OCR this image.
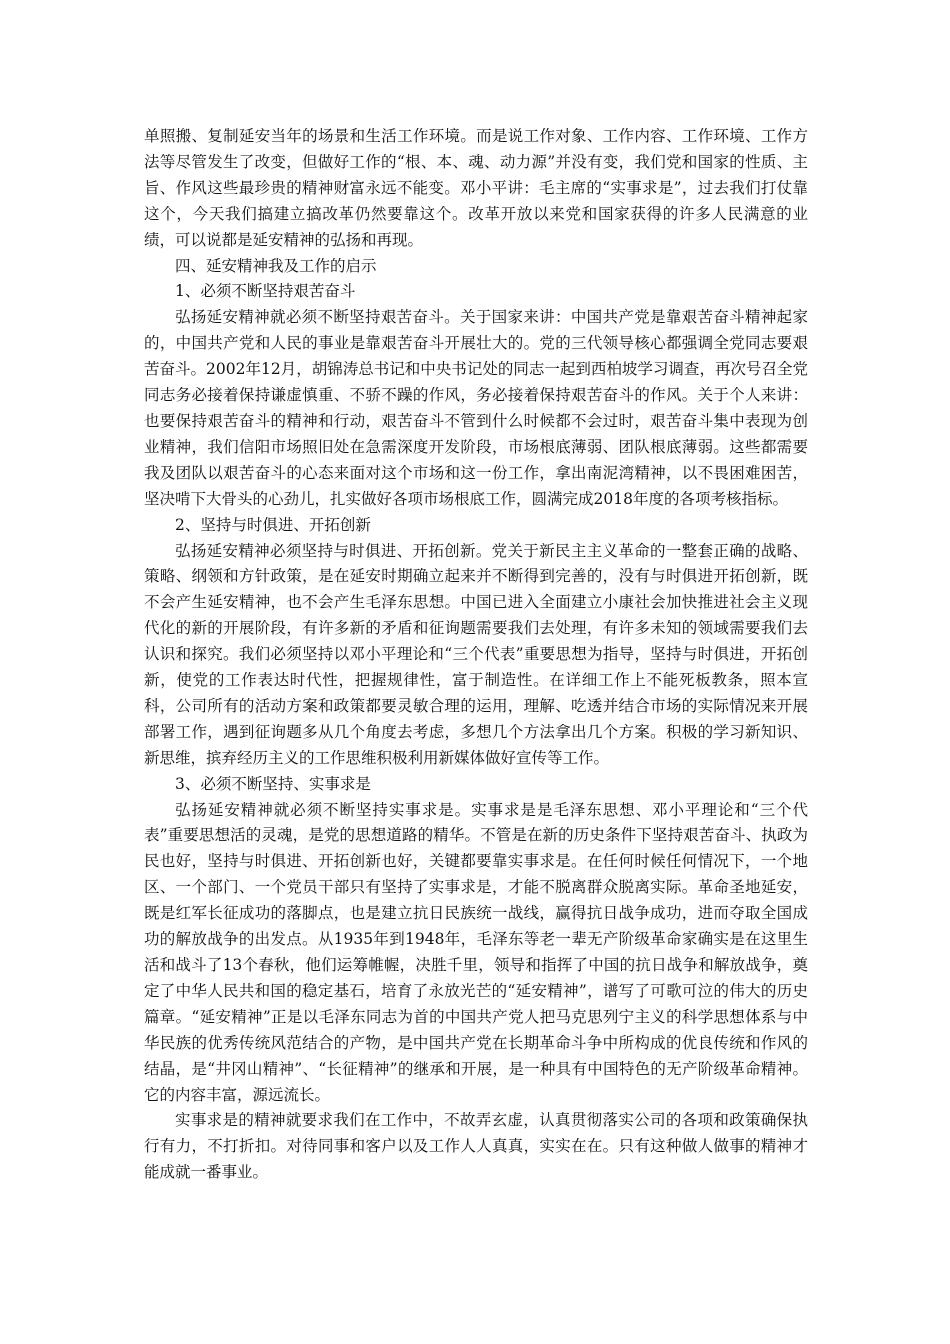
单照搬、复制延安当年的场景和生活工作环境。而是说工作对象、工作内容、工作环境、工作方法等尽管发生了改变，但做好工作的“根、本、魂、动力源”并没有变，我们党和国家的性质、主旨、作风这些最珍贵的精神财富永远不能变。邓小平讲：毛主席的“实事求是”，过去我们打仗靠这个，今天我们搞建立搞改革仍然要靠这个。改革开放以来党和国家获得的许多人民满意的业绩，可以说都是延安精神的弘扬和再现。

四、延安精神我及工作的启示

1、必须不断坚持艰苦奋斗

弘扬延安精神就必须不断坚持艰苦奋斗。关于国家来讲：中国共产党是靠艰苦奋斗精神起家的，中国共产党和人民的事业是靠艰苦奋斗开展壮大的。党的三代领导核心都强调全党同志要艰苦奋斗。2002年12月，胡锦涛总书记和中央书记处的同志一起到西柏坡学习调查，再次号召全党同志务必接着保持谦虚慎重、不骄不躁的作风，务必接着保持艰苦奋斗的作风。关于个人来讲：也要保持艰苦奋斗的精神和行动，艰苦奋斗不管到什么时候都不会过时，艰苦奋斗集中表现为创业精神，我们信阳市场照旧处在急需深度开发阶段，市场根底薄弱、团队根底薄弱。这些都需要我及团队以艰苦奋斗的心态来面对这个市场和这一份工作，拿出南泥湾精神，以不畏困难困苦，坚决啃下大骨头的心劲儿，扎实做好各项市场根底工作，圆满完成2018年度的各项考核指标。

2、坚持与时俱进、开拓创新

弘扬延安精神必须坚持与时俱进、开拓创新。党关于新民主主义革命的一整套正确的战略、策略、纲领和方针政策，是在延安时期确立起来并不断得到完善的，没有与时俱进开拓创新，既不会产生延安精神，也不会产生毛泽东思想。中国已进入全面建立小康社会加快推进社会主义现代化的新的开展阶段，有许多新的矛盾和征询题需要我们去处理，有许多未知的领域需要我们去认识和探究。我们必须坚持以邓小平理论和“三个代表”重要思想为指导，坚持与时俱进，开拓创新，使党的工作表达时代性，把握规律性，富于制造性。在详细工作上不能死板教条，照本宣科，公司所有的活动方案和政策都要灵敏合理的运用，理解、吃透并结合市场的实际情况来开展部署工作，遇到征询题多从几个角度去考虑，多想几个方法拿出几个方案。积极的学习新知识、新思维，摈弃经历主义的工作思维积极利用新媒体做好宣传等工作。

3、必须不断坚持、实事求是

弘扬延安精神就必须不断坚持实事求是。实事求是是毛泽东思想、邓小平理论和“三个代表”重要思想活的灵魂，是党的思想道路的精华。不管是在新的历史条件下坚持艰苦奋斗、执政为民也好，坚持与时俱进、开拓创新也好，关键都要靠实事求是。在任何时候任何情况下，一个地区、一个部门、一个党员干部只有坚持了实事求是，才能不脱离群众脱离实际。革命圣地延安，既是红军长征成功的落脚点，也是建立抗日民族统一战线，赢得抗日战争成功，进而夺取全国成功的解放战争的出发点。从1935年到1948年，毛泽东等老一辈无产阶级革命家确实是在这里生活和战斗了13个春秋，他们运筹帷幄，决胜千里，领导和指挥了中国的抗日战争和解放战争，奠定了中华人民共和国的稳定基石，培育了永放光芒的“延安精神”，谱写了可歌可泣的伟大的历史篇章。“延安精神”正是以毛泽东同志为首的中国共产党人把马克思列宁主义的科学思想体系与中华民族的优秀传统风范结合的产物，是中国共产党在长期革命斗争中所构成的优良传统和作风的结晶，是“井冈山精神”、“长征精神”的继承和开展，是一种具有中国特色的无产阶级革命精神。它的内容丰富，源远流长。

实事求是的精神就要求我们在工作中，不故弄玄虚，认真贯彻落实公司的各项和政策确保执行有力，不打折扣。对待同事和客户以及工作人人真真，实实在在。只有这种做人做事的精神才能成就一番事业。
